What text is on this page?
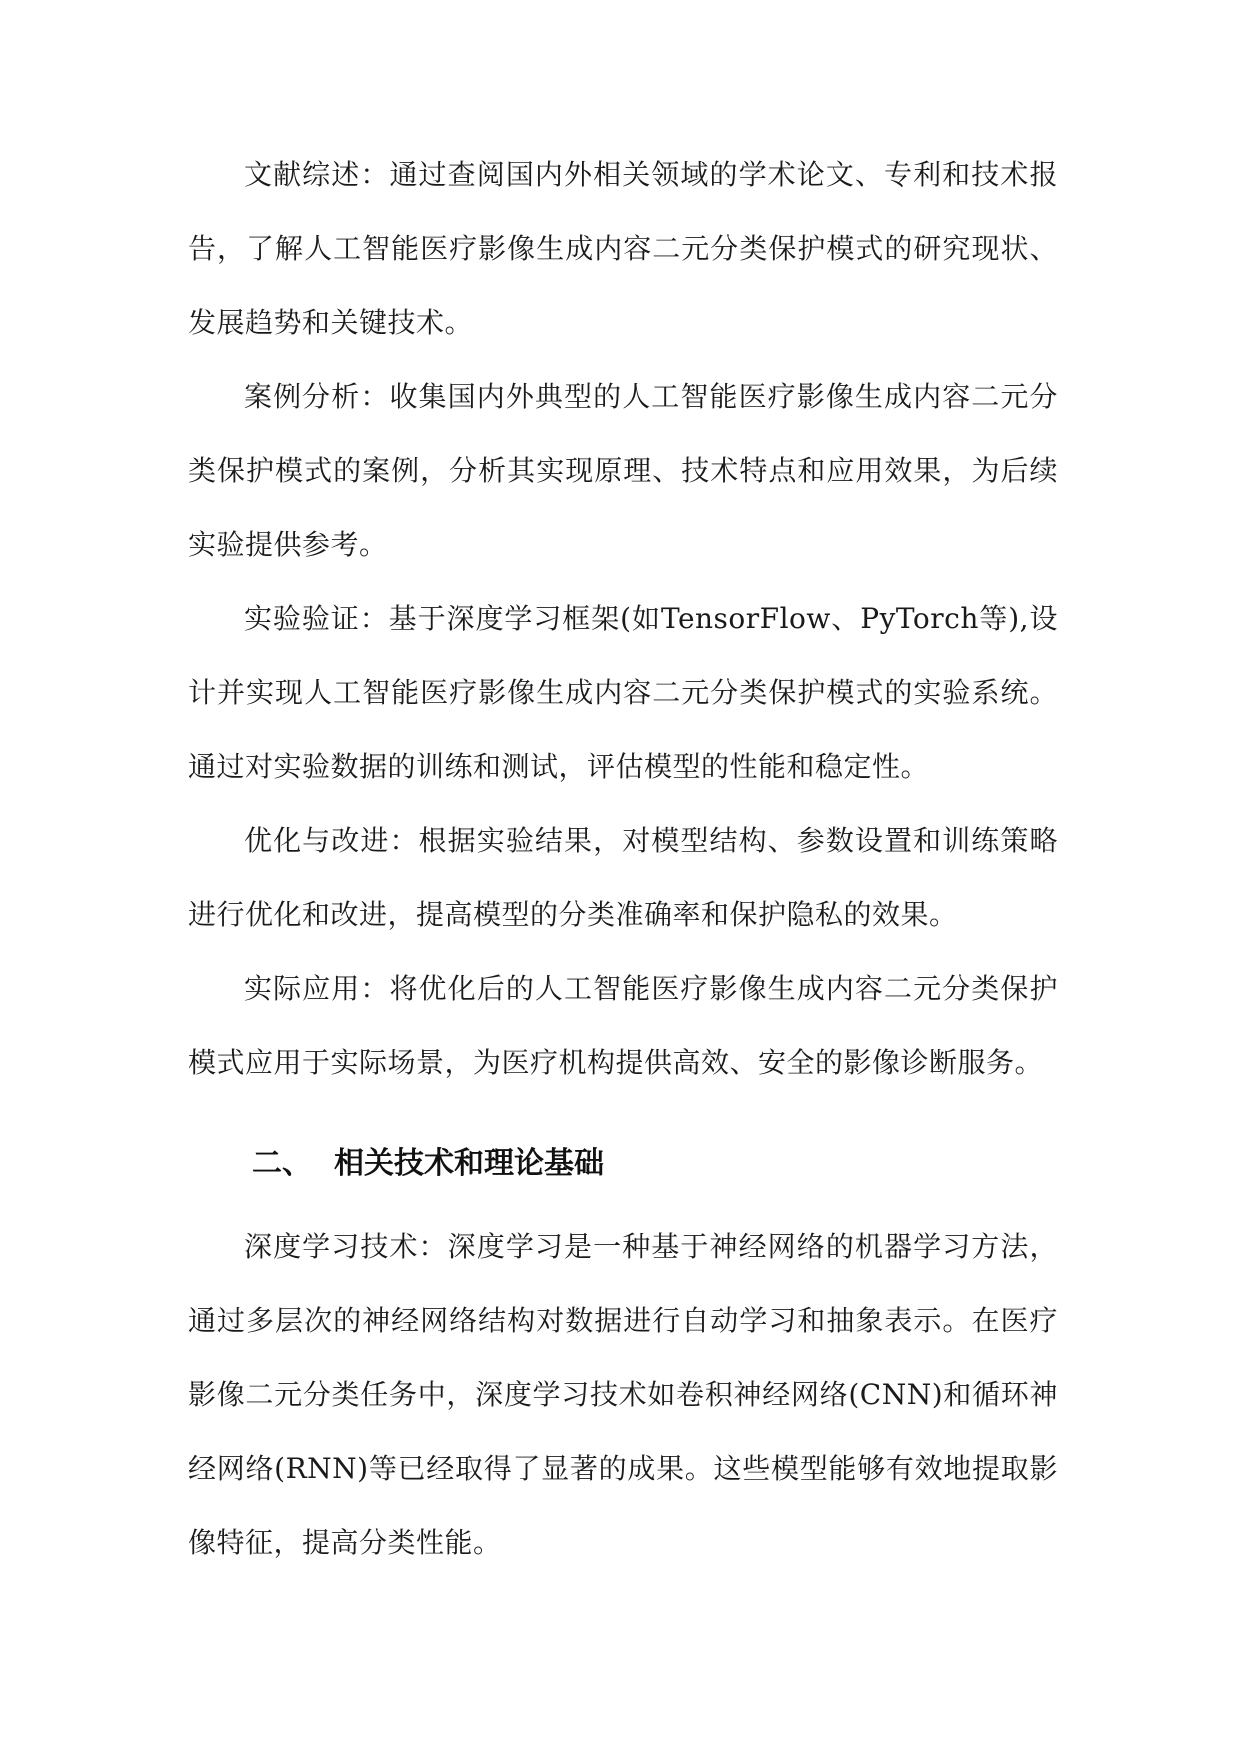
文献综述：通过查阅国内外相关领域的学术论文、专利和技术报告，了解人工智能医疗影像生成内容二元分类保护模式的研究现状、发展趋势和关键技术。

案例分析：收集国内外典型的人工智能医疗影像生成内容二元分类保护模式的案例，分析其实现原理、技术特点和应用效果，为后续实验提供参考。

实验验证：基于深度学习框架(如TensorFlow、PyTorch等),设计并实现人工智能医疗影像生成内容二元分类保护模式的实验系统。通过对实验数据的训练和测试，评估模型的性能和稳定性。

优化与改进：根据实验结果，对模型结构、参数设置和训练策略进行优化和改进，提高模型的分类准确率和保护隐私的效果。

实际应用：将优化后的人工智能医疗影像生成内容二元分类保护模式应用于实际场景，为医疗机构提供高效、安全的影像诊断服务。

二、 相关技术和理论基础

深度学习技术：深度学习是一种基于神经网络的机器学习方法，通过多层次的神经网络结构对数据进行自动学习和抽象表示。在医疗影像二元分类任务中，深度学习技术如卷积神经网络(CNN)和循环神经网络(RNN)等已经取得了显著的成果。这些模型能够有效地提取影像特征，提高分类性能。
